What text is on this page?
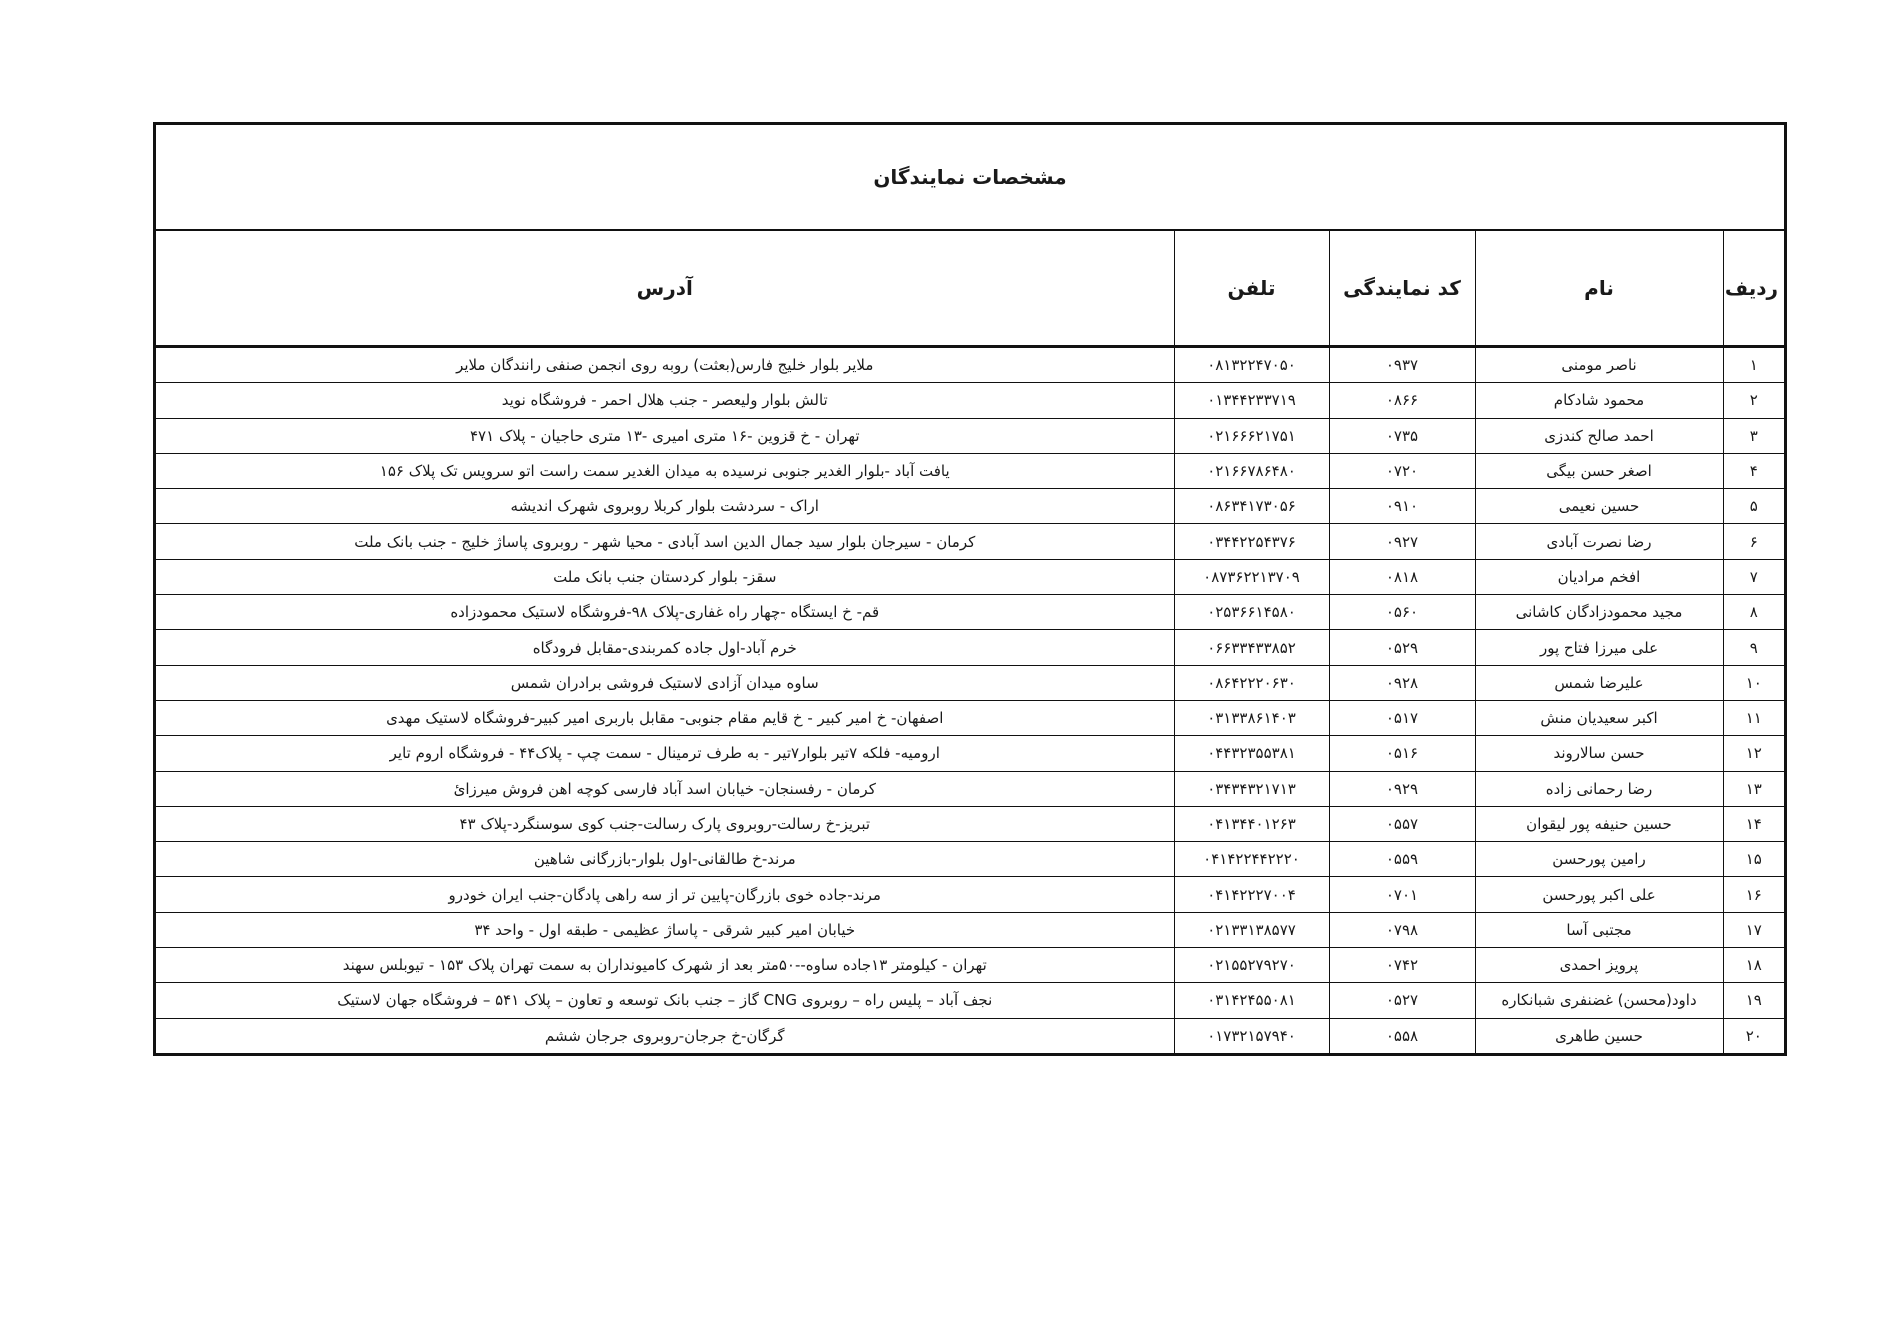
مشخصات نمایندگان
ردیف	نام	کد نمایندگی	تلفن	آدرس
۱	ناصر مومنی	۰۹۳۷	۰۸۱۳۲۲۴۷۰۵۰	ملایر بلوار خلیج فارس(بعثت) روبه روی انجمن صنفی رانندگان ملایر
۲	محمود شادکام	۰۸۶۶	۰۱۳۴۴۲۳۳۷۱۹	تالش بلوار ولیعصر - جنب هلال احمر - فروشگاه نوید
۳	احمد صالح کندزی	۰۷۳۵	۰۲۱۶۶۶۲۱۷۵۱	تهران - خ قزوین -۱۶ متری امیری -۱۳ متری حاجیان - پلاک ۴۷۱
۴	اصغر حسن بیگی	۰۷۲۰	۰۲۱۶۶۷۸۶۴۸۰	یافت آباد -بلوار الغدیر جنوبی نرسیده به میدان الغدیر سمت راست اتو سرویس تک پلاک ۱۵۶
۵	حسین نعیمی	۰۹۱۰	۰۸۶۳۴۱۷۳۰۵۶	اراک - سردشت بلوار کربلا روبروی شهرک اندیشه
۶	رضا نصرت آبادی	۰۹۲۷	۰۳۴۴۲۲۵۴۳۷۶	کرمان - سیرجان بلوار سید جمال الدین اسد آبادی - محیا شهر - روبروی پاساژ خلیج - جنب بانک ملت
۷	افخم مرادیان	۰۸۱۸	۰۸۷۳۶۲۲۱۳۷۰۹	سقز- بلوار کردستان جنب بانک ملت
۸	مجید محمودزادگان کاشانی	۰۵۶۰	۰۲۵۳۶۶۱۴۵۸۰	قم- خ ایستگاه -چهار راه غفاری-پلاک ۹۸-فروشگاه لاستیک محمودزاده
۹	علی میرزا فتاح پور	۰۵۲۹	۰۶۶۳۳۴۳۳۸۵۲	خرم آباد-اول جاده کمربندی-مقابل فرودگاه
۱۰	علیرضا شمس	۰۹۲۸	۰۸۶۴۲۲۲۰۶۳۰	ساوه میدان آزادی لاستیک فروشی برادران شمس
۱۱	اکبر سعیدیان منش	۰۵۱۷	۰۳۱۳۳۸۶۱۴۰۳	اصفهان- خ امیر کبیر - خ قایم مقام جنوبی- مقابل باربری امیر کبیر-فروشگاه لاستیک مهدی
۱۲	حسن سالاروند	۰۵۱۶	۰۴۴۳۲۳۵۵۳۸۱	ارومیه- فلکه ۷تیر بلوار۷تیر - به طرف ترمینال - سمت چپ - پلاک۴۴ - فروشگاه اروم تایر
۱۳	رضا رحمانی زاده	۰۹۲۹	۰۳۴۳۴۳۲۱۷۱۳	کرمان - رفسنجان- خیابان اسد آباد فارسی کوچه اهن فروش میرزائ
۱۴	حسین حنیفه پور لیقوان	۰۵۵۷	۰۴۱۳۴۴۰۱۲۶۳	تبریز-خ رسالت-روبروی پارک رسالت-جنب کوی سوسنگرد-پلاک ۴۳
۱۵	رامین پورحسن	۰۵۵۹	۰۴۱۴۲۲۴۴۲۲۲۰	مرند-خ طالقانی-اول بلوار-بازرگانی شاهین
۱۶	علی اکبر پورحسن	۰۷۰۱	۰۴۱۴۲۲۲۷۰۰۴	مرند-جاده خوی بازرگان-پایین تر از سه راهی پادگان-جنب ایران خودرو
۱۷	مجتبی آسا	۰۷۹۸	۰۲۱۳۳۱۳۸۵۷۷	خیابان امیر کبیر شرقی - پاساژ عظیمی - طبقه اول - واحد ۳۴
۱۸	پرویز احمدی	۰۷۴۲	۰۲۱۵۵۲۷۹۲۷۰	تهران - کیلومتر ۱۳جاده ساوه--۵۰متر بعد از شهرک کامیونداران به سمت تهران پلاک ۱۵۳ - تیوبلس سهند
۱۹	داود(محسن) غضنفری شبانکاره	۰۵۲۷	۰۳۱۴۲۴۵۵۰۸۱	نجف آباد – پلیس راه – روبروی CNG گاز – جنب بانک توسعه و تعاون – پلاک ۵۴۱ – فروشگاه جهان لاستیک
۲۰	حسین طاهری	۰۵۵۸	۰۱۷۳۲۱۵۷۹۴۰	گرگان-خ جرجان-روبروی جرجان ششم
